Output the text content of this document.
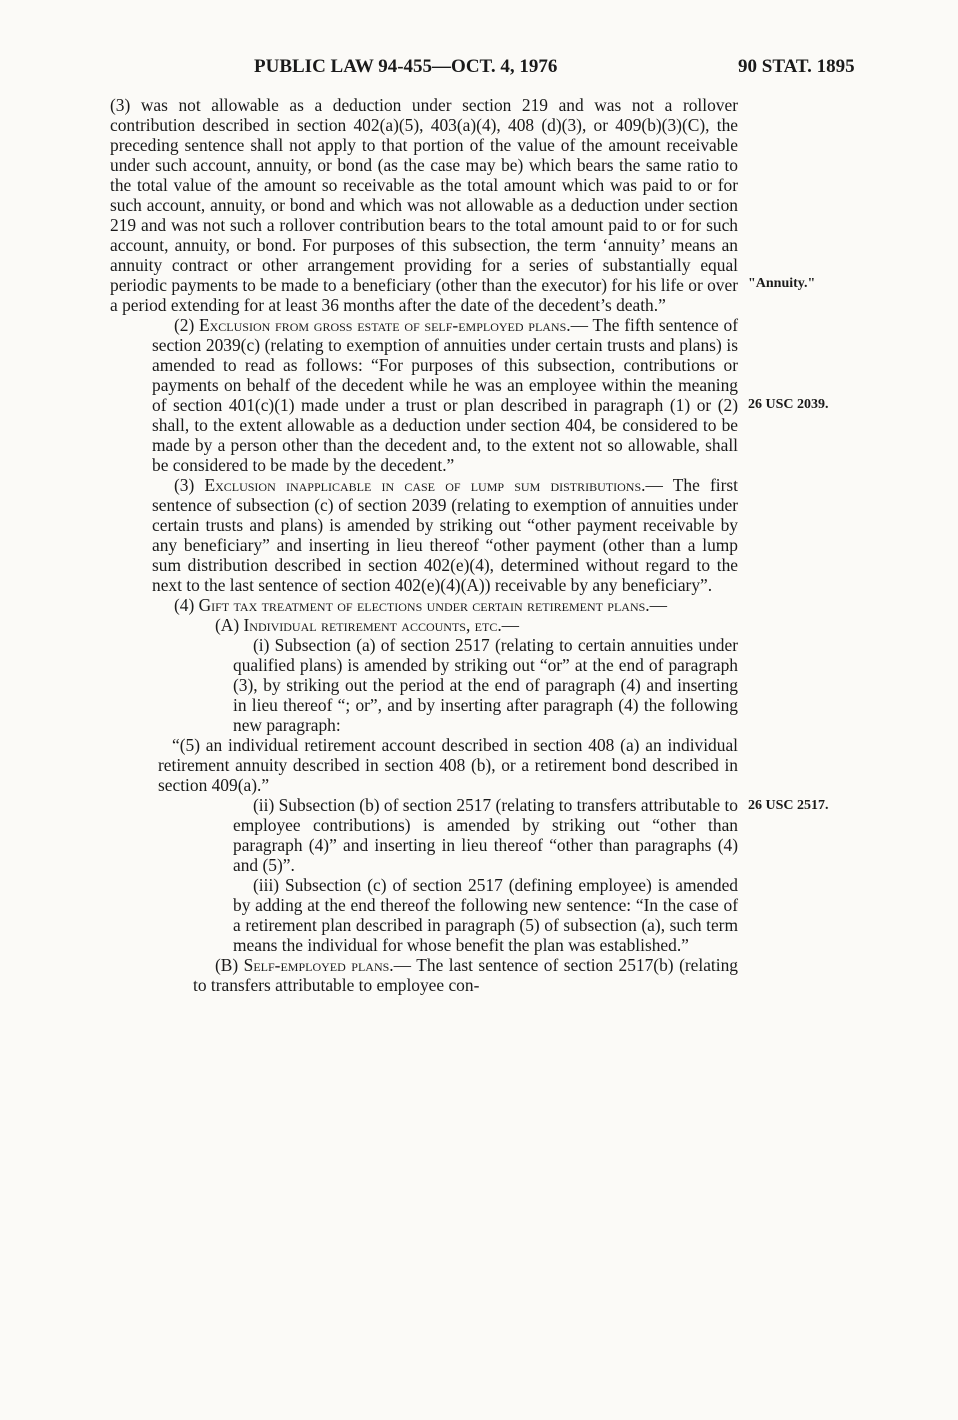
PUBLIC LAW 94-455—OCT. 4, 1976	90 STAT. 1895
"Annuity."
26 USC 2039.
26 USC 2517.

(3) was not allowable as a deduction under section 219 and was not a rollover contribution described in section 402(a)(5), 403(a)(4), 408 (d)(3), or 409(b)(3)(C), the preceding sentence shall not apply to that portion of the value of the amount receivable under such account, annuity, or bond (as the case may be) which bears the same ratio to the total value of the amount so receivable as the total amount which was paid to or for such account, annuity, or bond and which was not allowable as a deduction under section 219 and was not such a rollover contribution bears to the total amount paid to or for such account, annuity, or bond. For purposes of this subsection, the term ‘annuity’ means an annuity contract or other arrangement providing for a series of substantially equal periodic payments to be made to a beneficiary (other than the executor) for his life or over a period extending for at least 36 months after the date of the decedent’s death.”

(2) Exclusion from gross estate of self-employed plans.— The fifth sentence of section 2039(c) (relating to exemption of annuities under certain trusts and plans) is amended to read as follows: “For purposes of this subsection, contributions or payments on behalf of the decedent while he was an employee within the meaning of section 401(c)(1) made under a trust or plan described in paragraph (1) or (2) shall, to the extent allowable as a deduction under section 404, be considered to be made by a person other than the decedent and, to the extent not so allowable, shall be considered to be made by the decedent.”

(3) Exclusion inapplicable in case of lump sum distributions.— The first sentence of subsection (c) of section 2039 (relating to exemption of annuities under certain trusts and plans) is amended by striking out “other payment receivable by any beneficiary” and inserting in lieu thereof “other payment (other than a lump sum distribution described in section 402(e)(4), determined without regard to the next to the last sentence of section 402(e)(4)(A)) receivable by any beneficiary”.

(4) Gift tax treatment of elections under certain retirement plans.—

(A) Individual retirement accounts, etc.—

(i) Subsection (a) of section 2517 (relating to certain annuities under qualified plans) is amended by striking out “or” at the end of paragraph (3), by striking out the period at the end of paragraph (4) and inserting in lieu thereof “; or”, and by inserting after paragraph (4) the following new paragraph:

“(5) an individual retirement account described in section 408 (a) an individual retirement annuity described in section 408 (b), or a retirement bond described in section 409(a).”

(ii) Subsection (b) of section 2517 (relating to transfers attributable to employee contributions) is amended by striking out “other than paragraph (4)” and inserting in lieu thereof “other than paragraphs (4) and (5)”.

(iii) Subsection (c) of section 2517 (defining employee) is amended by adding at the end thereof the following new sentence: “In the case of a retirement plan described in paragraph (5) of subsection (a), such term means the individual for whose benefit the plan was established.”

(B) Self-employed plans.— The last sentence of section 2517(b) (relating to transfers attributable to employee con-
